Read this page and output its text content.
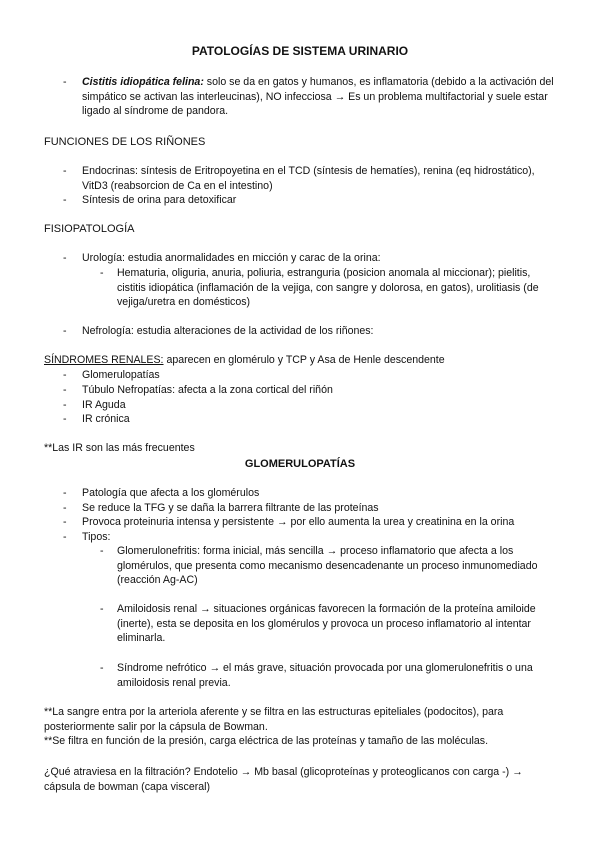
PATOLOGÍAS DE SISTEMA URINARIO
- Cistitis idiopática felina: solo se da en gatos y humanos, es inflamatoria (debido a la activación del simpático se activan las interleucinas), NO infecciosa → Es un problema multifactorial y suele estar ligado al síndrome de pandora.
FUNCIONES DE LOS RIÑONES
- Endocrinas: síntesis de Eritropoyetina en el TCD (síntesis de hematíes), renina (eq hidrostático), VitD3 (reabsorcion de Ca en el intestino)
- Síntesis de orina para detoxificar
FISIOPATOLOGÍA
- Urología: estudia anormalidades en micción y carac de la orina:
- Hematuria, oliguria, anuria, poliuria, estranguria (posicion anomala al miccionar); pielitis, cistitis idiopática (inflamación de la vejiga, con sangre y dolorosa, en gatos), urolitiasis (de vejiga/uretra en domésticos)
- Nefrología: estudia alteraciones de la actividad de los riñones:
SÍNDROMES RENALES: aparecen en glomérulo y TCP y Asa de Henle descendente
- Glomerulopatías
- Túbulo Nefropatías: afecta a la zona cortical del riñón
- IR Aguda
- IR crónica
**Las IR son las más frecuentes
GLOMERULOPATÍAS
- Patología que afecta a los glomérulos
- Se reduce la TFG y se daña la barrera filtrante de las proteínas
- Provoca proteinuria intensa y persistente → por ello aumenta la urea y creatinina en la orina
- Tipos:
- Glomerulonefritis: forma inicial, más sencilla → proceso inflamatorio que afecta a los glomérulos, que presenta como mecanismo desencadenante un proceso inmunomediado (reacción Ag-AC)
- Amiloidosis renal → situaciones orgánicas favorecen la formación de la proteína amiloide (inerte), esta se deposita en los glomérulos y provoca un proceso inflamatorio al intentar eliminarla.
- Síndrome nefrótico → el más grave, situación provocada por una glomerulonefritis o una amiloidosis renal previa.
**La sangre entra por la arteriola aferente y se filtra en las estructuras epiteliales (podocitos), para posteriormente salir por la cápsula de Bowman.
**Se filtra en función de la presión, carga eléctrica de las proteínas y tamaño de las moléculas.
¿Qué atraviesa en la filtración? Endotelio → Mb basal (glicoproteínas y proteoglicanos con carga -) → cápsula de bowman (capa visceral)
